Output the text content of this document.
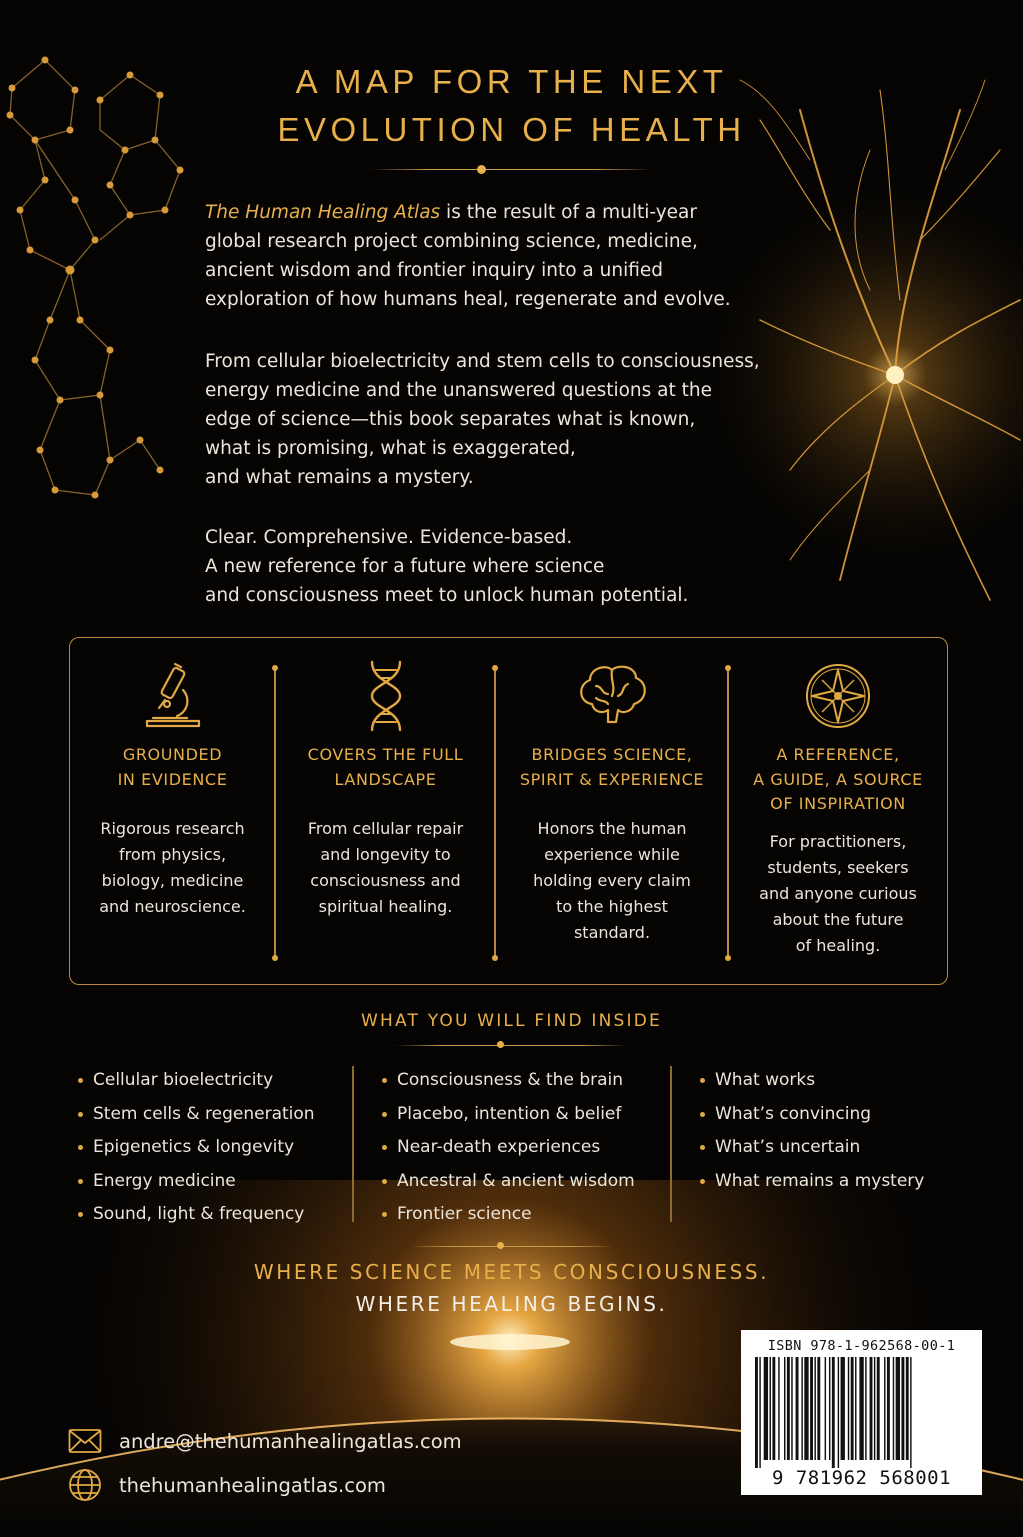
A MAP FOR THE NEXT
EVOLUTION OF HEALTH
The Human Healing Atlas is the result of a multi-year
global research project combining science, medicine,
ancient wisdom and frontier inquiry into a unified
exploration of how humans heal, regenerate and evolve.
From cellular bioelectricity and stem cells to consciousness,
energy medicine and the unanswered questions at the
edge of science—this book separates what is known,
what is promising, what is exaggerated,
and what remains a mystery.
Clear. Comprehensive. Evidence-based.
A new reference for a future where science
and consciousness meet to unlock human potential.
GROUNDED
IN EVIDENCE
Rigorous research
from physics,
biology, medicine
and neuroscience.
COVERS THE FULL
LANDSCAPE
From cellular repair
and longevity to
consciousness and
spiritual healing.
BRIDGES SCIENCE,
SPIRIT & EXPERIENCE
Honors the human
experience while
holding every claim
to the highest
standard.
A REFERENCE,
A GUIDE, A SOURCE
OF INSPIRATION
For practitioners,
students, seekers
and anyone curious
about the future
of healing.
WHAT YOU WILL FIND INSIDE
Cellular bioelectricity
Stem cells & regeneration
Epigenetics & longevity
Energy medicine
Sound, light & frequency
Consciousness & the brain
Placebo, intention & belief
Near-death experiences
Ancestral & ancient wisdom
Frontier science
What works
What’s convincing
What’s uncertain
What remains a mystery
WHERE SCIENCE MEETS CONSCIOUSNESS.
WHERE HEALING BEGINS.
andre@thehumanhealingatlas.com
thehumanhealingatlas.com
ISBN 978-1-962568-00-1
9 781962 568001
